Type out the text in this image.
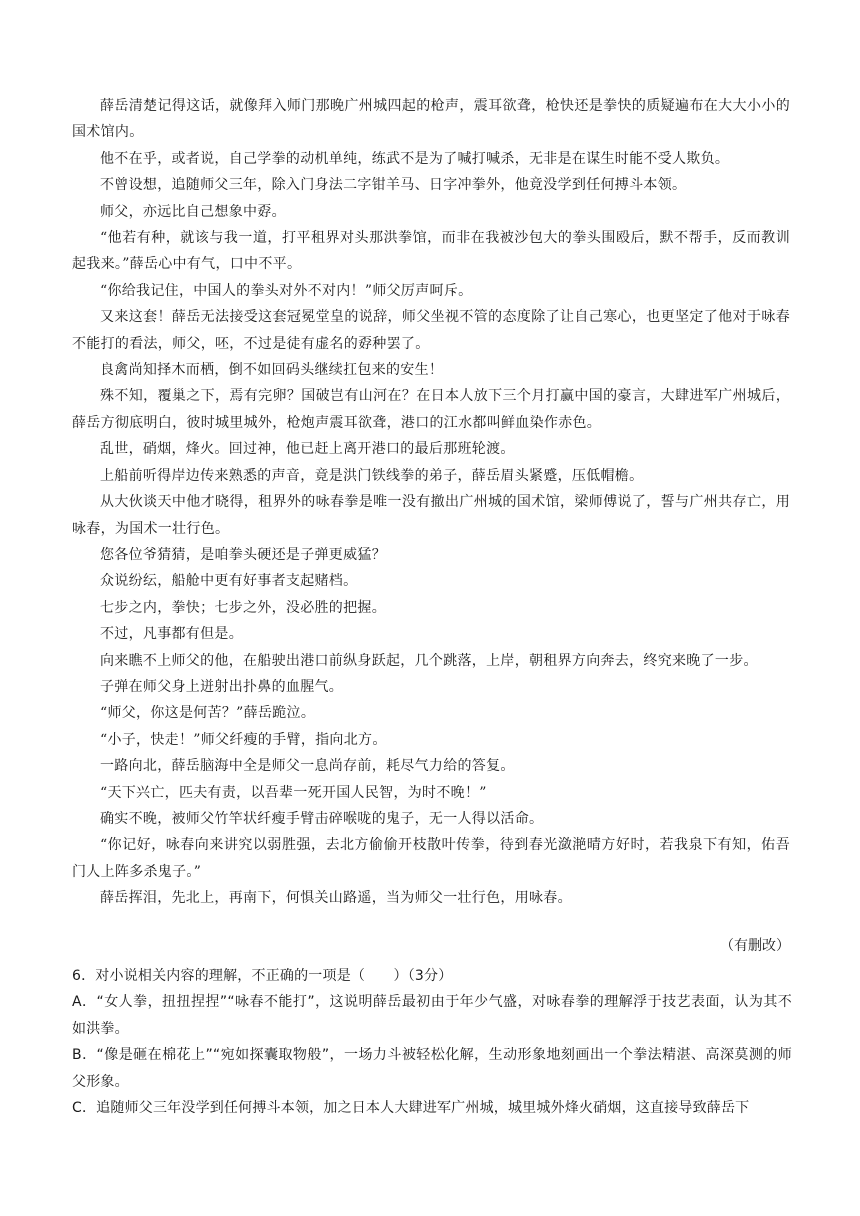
薛岳清楚记得这话，就像拜入师门那晚广州城四起的枪声，震耳欲聋，枪快还是拳快的质疑遍布在大大小小的国术馆内。

他不在乎，或者说，自己学拳的动机单纯，练武不是为了喊打喊杀，无非是在谋生时能不受人欺负。

不曾设想，追随师父三年，除入门身法二字钳羊马、日字冲拳外，他竟没学到任何搏斗本领。

师父，亦远比自己想象中孬。

“他若有种，就该与我一道，打平租界对头那洪拳馆，而非在我被沙包大的拳头围殴后，默不帮手，反而教训起我来。”薛岳心中有气，口中不平。

“你给我记住，中国人的拳头对外不对内！”师父厉声呵斥。

又来这套！薛岳无法接受这套冠冕堂皇的说辞，师父坐视不管的态度除了让自己寒心，也更坚定了他对于咏春不能打的看法，师父，呸，不过是徒有虚名的孬种罢了。

良禽尚知择木而栖，倒不如回码头继续扛包来的安生！

殊不知，覆巢之下，焉有完卵？国破岂有山河在？在日本人放下三个月打赢中国的豪言，大肆进军广州城后，薛岳方彻底明白，彼时城里城外，枪炮声震耳欲聋，港口的江水都叫鲜血染作赤色。

乱世，硝烟，烽火。回过神，他已赶上离开港口的最后那班轮渡。

上船前听得岸边传来熟悉的声音，竟是洪门铁线拳的弟子，薛岳眉头紧蹙，压低帽檐。

从大伙谈天中他才晓得，租界外的咏春拳是唯一没有撤出广州城的国术馆，梁师傅说了，誓与广州共存亡，用咏春，为国术一壮行色。

您各位爷猜猜，是咱拳头硬还是子弹更威猛？

众说纷纭，船舱中更有好事者支起赌档。

七步之内，拳快；七步之外，没必胜的把握。

不过，凡事都有但是。

向来瞧不上师父的他，在船驶出港口前纵身跃起，几个跳落，上岸，朝租界方向奔去，终究来晚了一步。

子弹在师父身上迸射出扑鼻的血腥气。

“师父，你这是何苦？”薛岳跪泣。

“小子，快走！”师父纤瘦的手臂，指向北方。

一路向北，薛岳脑海中全是师父一息尚存前，耗尽气力给的答复。

“天下兴亡，匹夫有责，以吾辈一死开国人民智，为时不晚！”

确实不晚，被师父竹竿状纤瘦手臂击碎喉咙的鬼子，无一人得以活命。

“你记好，咏春向来讲究以弱胜强，去北方偷偷开枝散叶传拳，待到春光潋滟晴方好时，若我泉下有知，佑吾门人上阵多杀鬼子。”

薛岳挥泪，先北上，再南下，何惧关山路遥，当为师父一壮行色，用咏春。

（有删改）

6．对小说相关内容的理解，不正确的一项是（　　）（3分）

A．“女人拳，扭扭捏捏”“咏春不能打”，这说明薛岳最初由于年少气盛，对咏春拳的理解浮于技艺表面，认为其不如洪拳。

B．“像是砸在棉花上”“宛如探囊取物般”，一场力斗被轻松化解，生动形象地刻画出一个拳法精湛、高深莫测的师父形象。

C．追随师父三年没学到任何搏斗本领，加之日本人大肆进军广州城，城里城外烽火硝烟，这直接导致薛岳下
